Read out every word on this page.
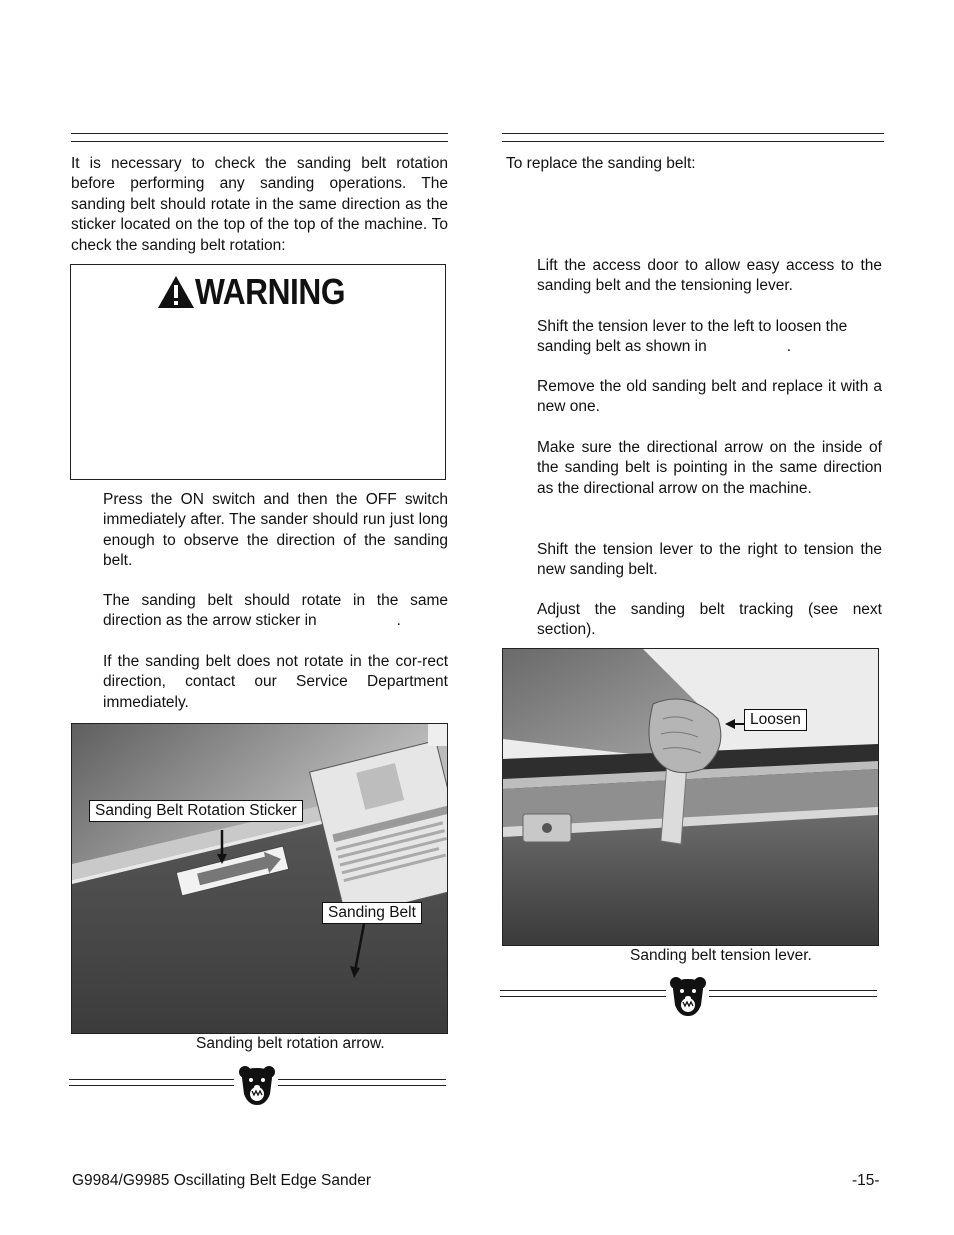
It is necessary to check the sanding belt rotation before performing any sanding operations. The sanding belt should rotate in the same direction as the sticker located on the top of the top of the machine. To check the sanding belt rotation:
WARNING
Press the ON switch and then the OFF switch immediately after. The sander should run just long enough to observe the direction of the sanding belt.
The sanding belt should rotate in the same direction as the arrow sticker in	.
If the sanding belt does not rotate in the cor-rect direction, contact our Service Department immediately.
Sanding Belt Rotation Sticker
Sanding Belt
Sanding belt rotation arrow.
To replace the sanding belt:
Lift the access door to allow easy access to the sanding belt and the tensioning lever.
Shift the tension lever to the left to loosen the sanding belt as shown in	.
Remove the old sanding belt and replace it with a new one.
Make sure the directional arrow on the inside of the sanding belt is pointing in the same direction as the directional arrow on the machine.
Shift the tension lever to the right to tension the new sanding belt.
Adjust the sanding belt tracking (see next section).
Loosen
Sanding belt tension lever.
G9984/G9985 Oscillating Belt Edge Sander	-15-
